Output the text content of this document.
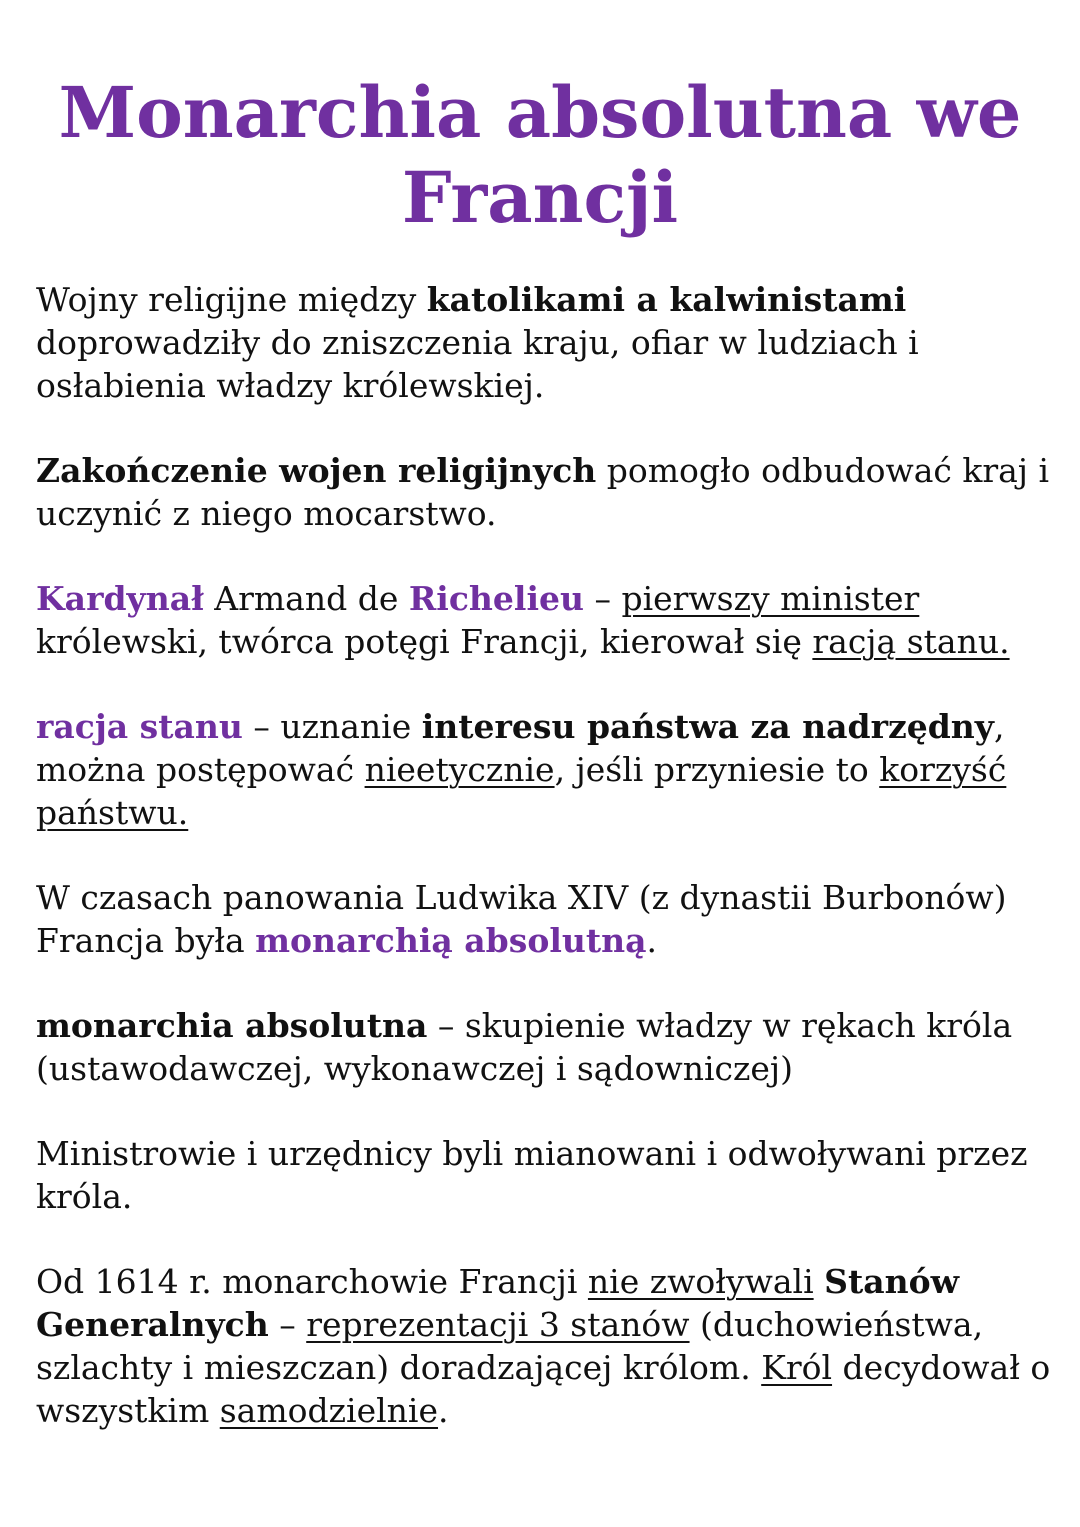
Monarchia absolutna we Francji

Wojny religijne między katolikami a kalwinistami doprowadziły do zniszczenia kraju, ofiar w ludziach i osłabienia władzy królewskiej.

Zakończenie wojen religijnych pomogło odbudować kraj i uczynić z niego mocarstwo.

Kardynał Armand de Richelieu – pierwszy minister królewski, twórca potęgi Francji, kierował się racją stanu.

racja stanu – uznanie interesu państwa za nadrzędny, można postępować nieetycznie, jeśli przyniesie to korzyść państwu.

W czasach panowania Ludwika XIV (z dynastii Burbonów) Francja była monarchią absolutną.

monarchia absolutna – skupienie władzy w rękach króla (ustawodawczej, wykonawczej i sądowniczej)

Ministrowie i urzędnicy byli mianowani i odwoływani przez króla.

Od 1614 r. monarchowie Francji nie zwoływali Stanów Generalnych – reprezentacji 3 stanów (duchowieństwa, szlachty i mieszczan) doradzającej królom. Król decydował o wszystkim samodzielnie.
